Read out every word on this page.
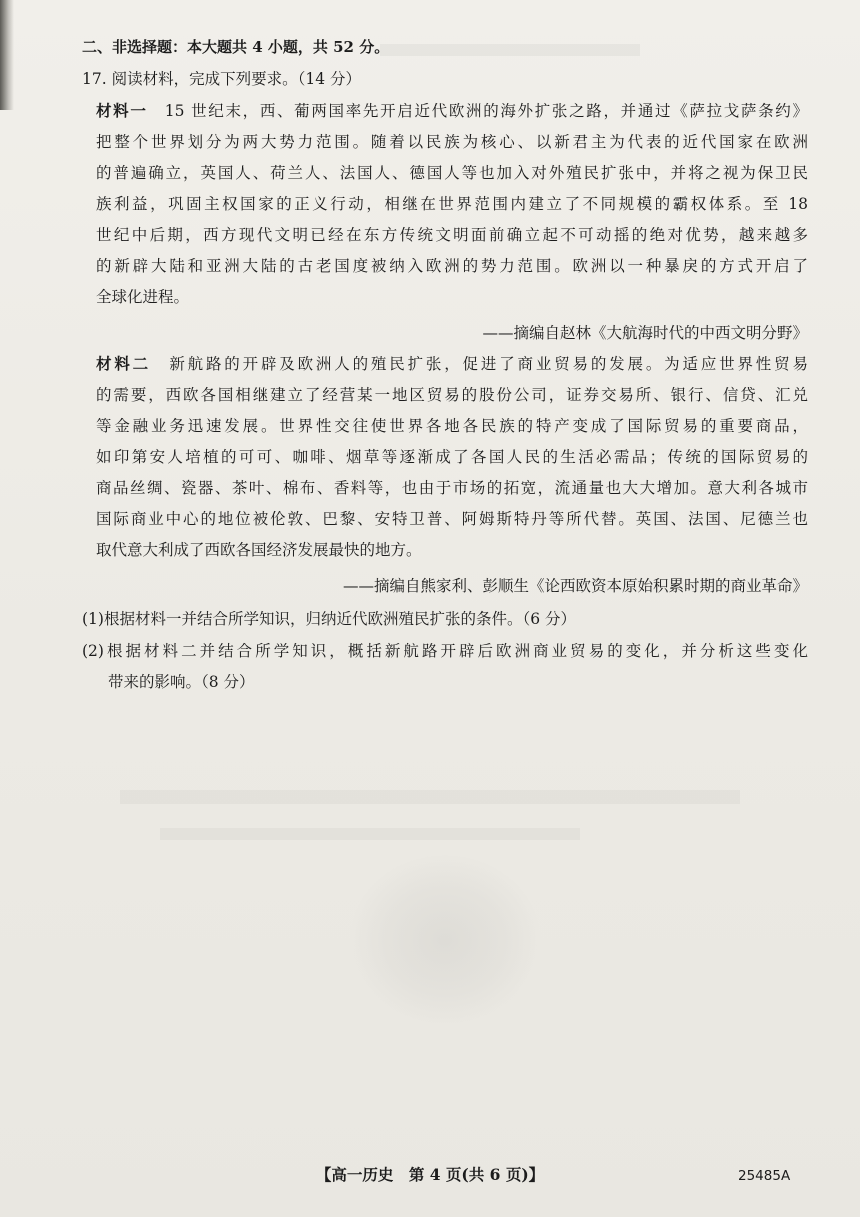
二、非选择题：本大题共 4 小题，共 52 分。
17. 阅读材料，完成下列要求。（14 分）
材料一　 15 世纪末，西、葡两国率先开启近代欧洲的海外扩张之路，并通过《萨拉戈萨条约》
把整个世界划分为两大势力范围。随着以民族为核心、以新君主为代表的近代国家在欧洲
的普遍确立，英国人、荷兰人、法国人、德国人等也加入对外殖民扩张中，并将之视为保卫民
族利益，巩固主权国家的正义行动，相继在世界范围内建立了不同规模的霸权体系。至 18
世纪中后期，西方现代文明已经在东方传统文明面前确立起不可动摇的绝对优势，越来越多
的新辟大陆和亚洲大陆的古老国度被纳入欧洲的势力范围。欧洲以一种暴戾的方式开启了
全球化进程。
——摘编自赵林《大航海时代的中西文明分野》
材料二　 新航路的开辟及欧洲人的殖民扩张，促进了商业贸易的发展。为适应世界性贸易
的需要，西欧各国相继建立了经营某一地区贸易的股份公司，证券交易所、银行、信贷、汇兑
等金融业务迅速发展。世界性交往使世界各地各民族的特产变成了国际贸易的重要商品，
如印第安人培植的可可、咖啡、烟草等逐渐成了各国人民的生活必需品；传统的国际贸易的
商品丝绸、瓷器、茶叶、棉布、香料等，也由于市场的拓宽，流通量也大大增加。意大利各城市
国际商业中心的地位被伦敦、巴黎、安特卫普、阿姆斯特丹等所代替。英国、法国、尼德兰也
取代意大利成了西欧各国经济发展最快的地方。
——摘编自熊家利、彭顺生《论西欧资本原始积累时期的商业革命》
(1)根据材料一并结合所学知识，归纳近代欧洲殖民扩张的条件。（6 分）
(2)根据材料二并结合所学知识，概括新航路开辟后欧洲商业贸易的变化，并分析这些变化
带来的影响。（8 分）
【高一历史　第 4 页(共 6 页)】	25485A
